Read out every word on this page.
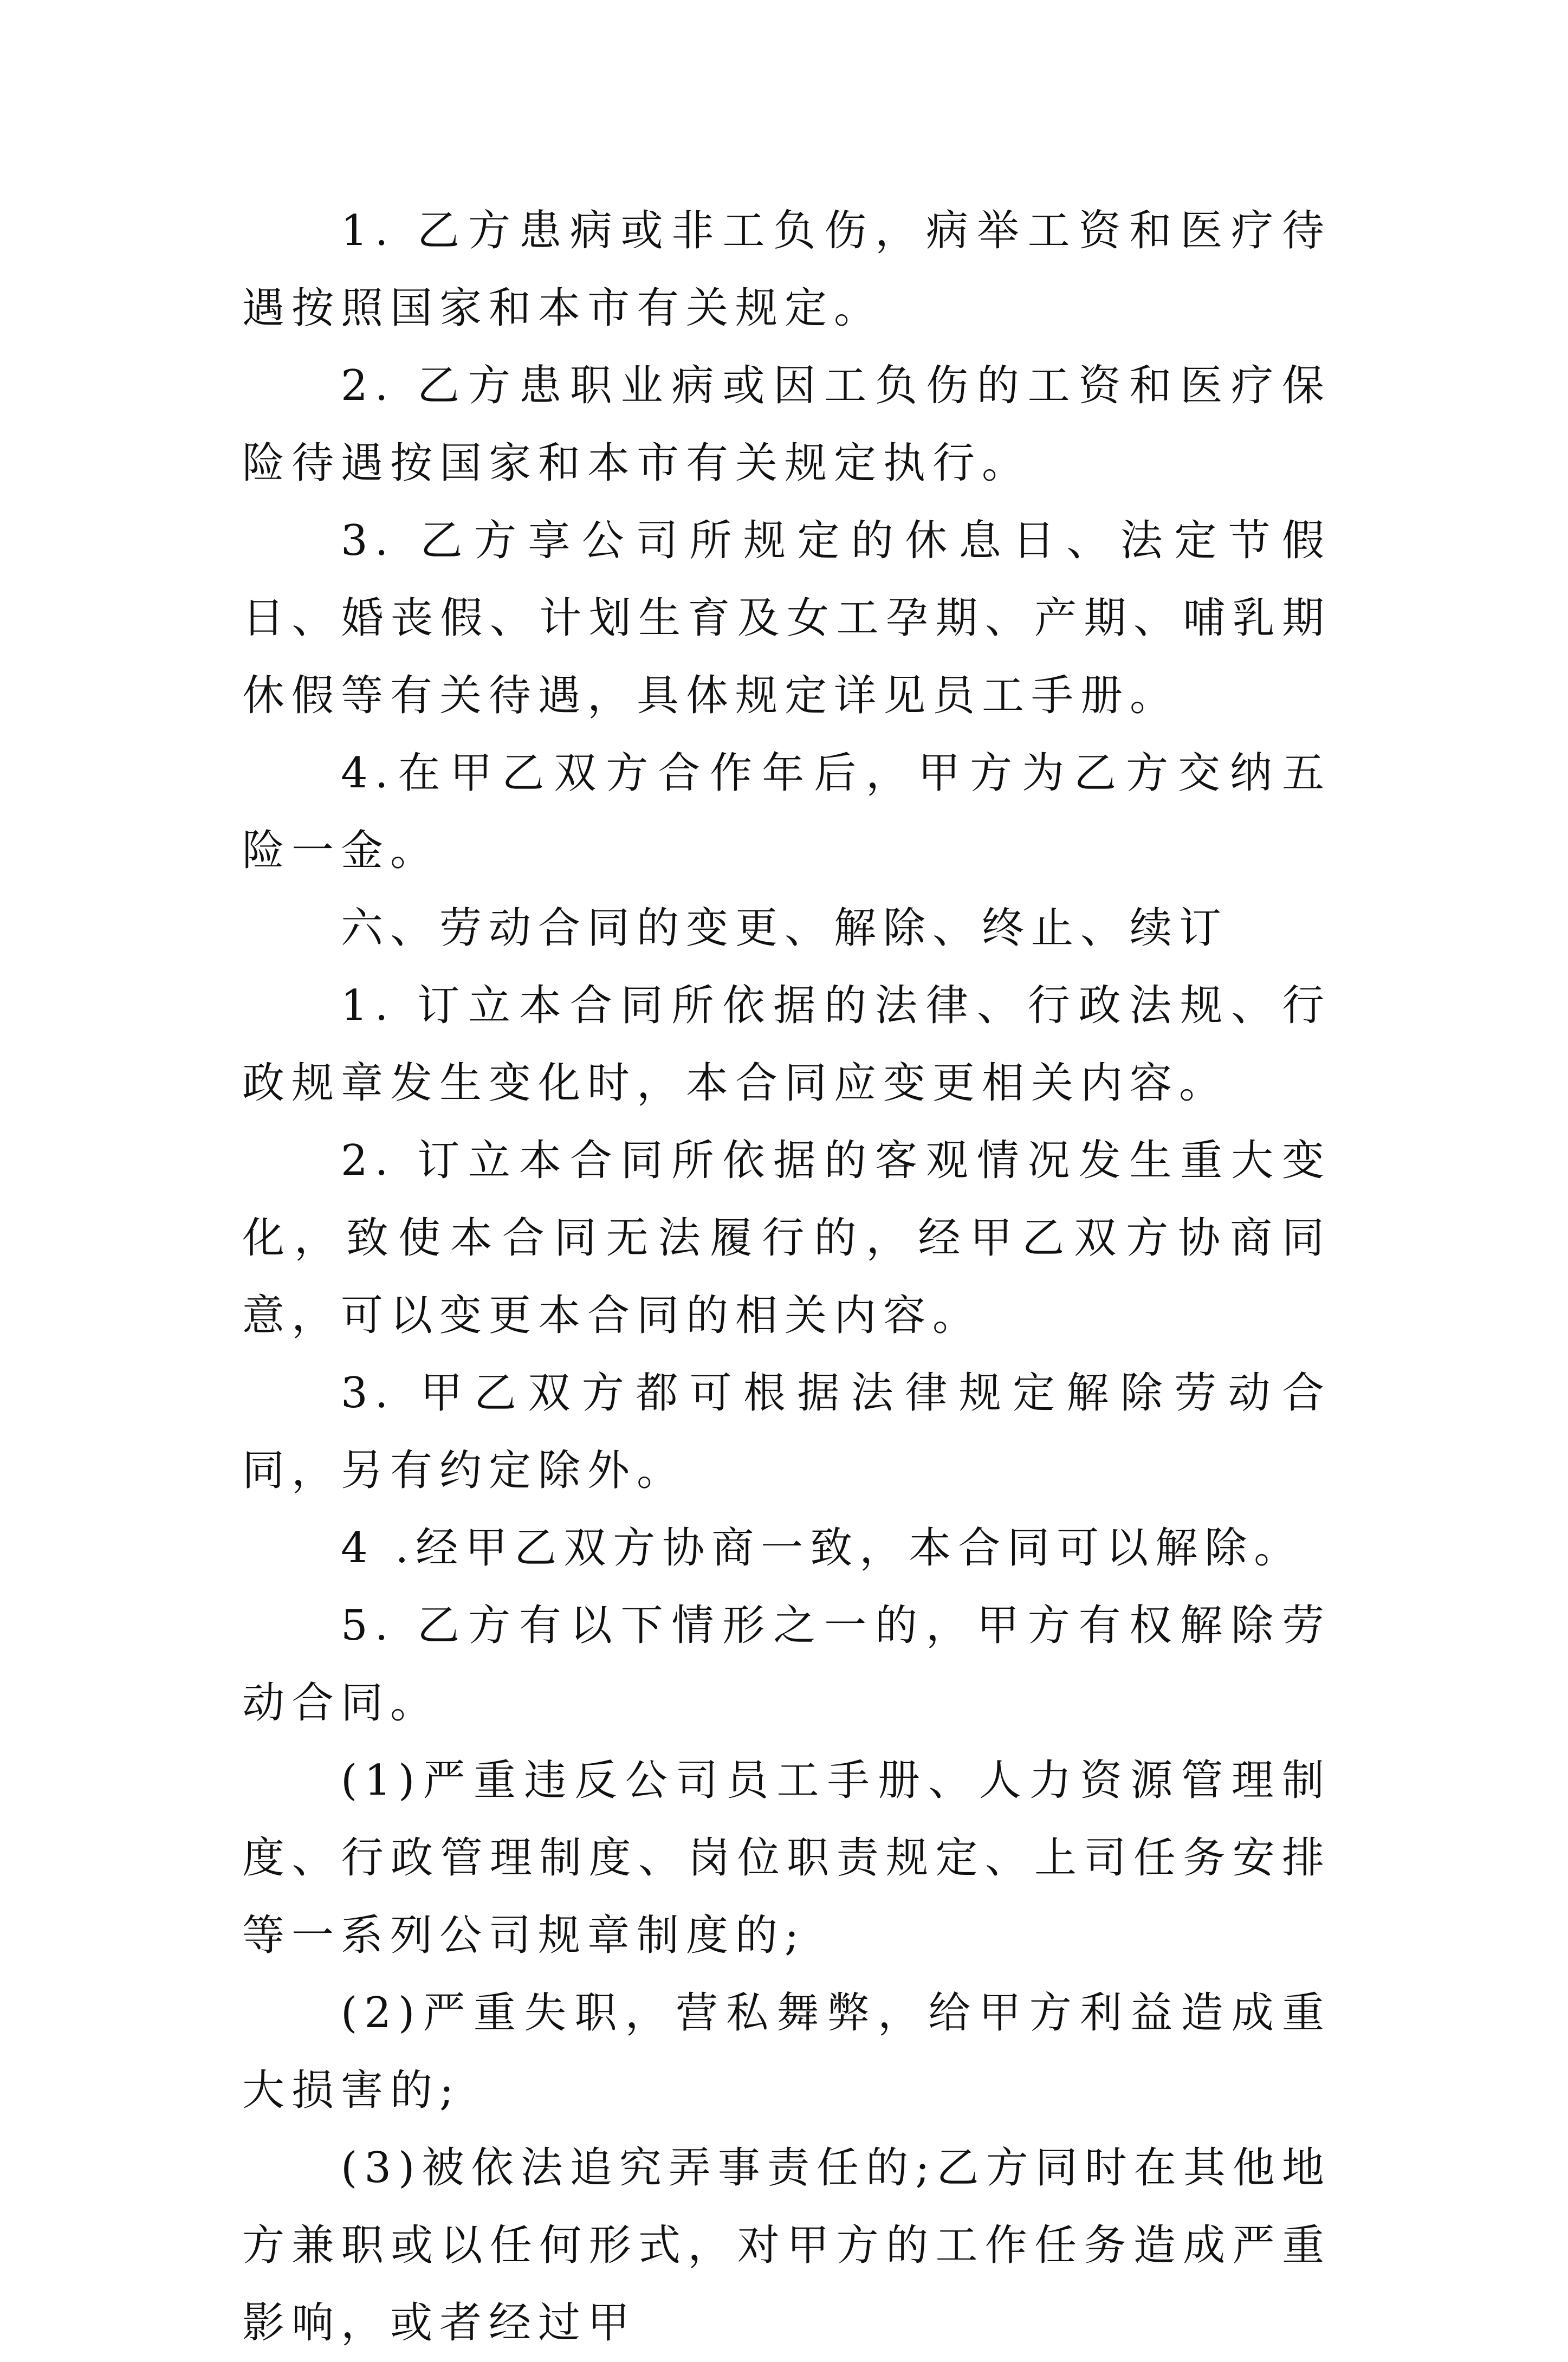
1. 乙方患病或非工负伤，病举工资和医疗待遇按照国家和本市有关规定。

2. 乙方患职业病或因工负伤的工资和医疗保险待遇按国家和本市有关规定执行。

3. 乙方享公司所规定的休息日、法定节假日、婚丧假、计划生育及女工孕期、产期、哺乳期休假等有关待遇，具体规定详见员工手册。

4.在甲乙双方合作年后，甲方为乙方交纳五险一金。

六、劳动合同的变更、解除、终止、续订

1. 订立本合同所依据的法律、行政法规、行政规章发生变化时，本合同应变更相关内容。

2. 订立本合同所依据的客观情况发生重大变化，致使本合同无法履行的，经甲乙双方协商同意，可以变更本合同的相关内容。

3. 甲乙双方都可根据法律规定解除劳动合同，另有约定除外。

4 .经甲乙双方协商一致，本合同可以解除。

5. 乙方有以下情形之一的，甲方有权解除劳动合同。

(1)严重违反公司员工手册、人力资源管理制度、行政管理制度、岗位职责规定、上司任务安排等一系列公司规章制度的;

(2)严重失职，营私舞弊，给甲方利益造成重大损害的;

(3)被依法追究弄事责任的;乙方同时在其他地方兼职或以任何形式，对甲方的工作任务造成严重影响，或者经过甲
